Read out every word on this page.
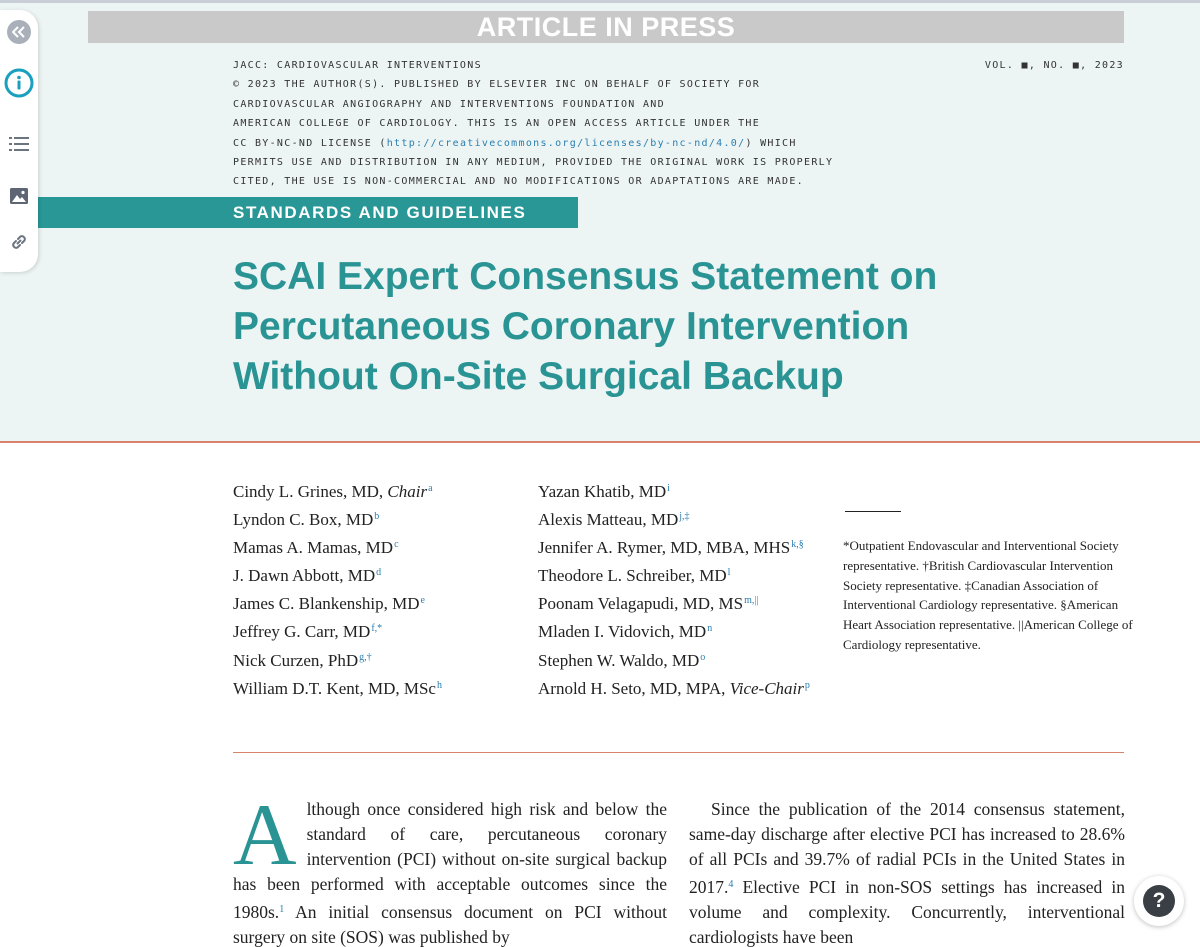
ARTICLE IN PRESS
JACC: CARDIOVASCULAR INTERVENTIONS
© 2023 THE AUTHOR(S). PUBLISHED BY ELSEVIER INC ON BEHALF OF SOCIETY FOR
CARDIOVASCULAR ANGIOGRAPHY AND INTERVENTIONS FOUNDATION AND
AMERICAN COLLEGE OF CARDIOLOGY. THIS IS AN OPEN ACCESS ARTICLE UNDER THE
CC BY-NC-ND LICENSE (http://creativecommons.org/licenses/by-nc-nd/4.0/) WHICH
PERMITS USE AND DISTRIBUTION IN ANY MEDIUM, PROVIDED THE ORIGINAL WORK IS PROPERLY
CITED, THE USE IS NON-COMMERCIAL AND NO MODIFICATIONS OR ADAPTATIONS ARE MADE.
VOL. ■, NO. ■, 2023
STANDARDS AND GUIDELINES
SCAI Expert Consensus Statement on
Percutaneous Coronary Intervention
Without On-Site Surgical Backup
Cindy L. Grines, MD, Chair$^a$
Lyndon C. Box, $MD^b$
Mamas A. Mamas, $MD^c$
J. Dawn Abbott, $MD^d$
James C. Blankenship, MDe
Jeffrey G. Carr, $MD^{f,*}$
Nick Curzen, PhD$^{g,\dagger}$
William D.T. Kent, MD, MSc$^h$
Yazan Khatib, $MD^i$
Alexis Matteau, $MD^{j,\ddagger}$
Jennifer A. Rymer, MD, MBA, $MHS^{k,\S}$
Theodore L. Schreiber, $MD^l$
Poonam Velagapudi, MD, $MS^{m,||}$
Mladen I. Vidovich, $MD^n$
Stephen W. Waldo, $MD^o$
Arnold H. Seto, MD, MPA, Vice-Chair$^p$
*Outpatient Endovascular and Interventional Society representative. †British Cardiovascular Intervention Society representative. ‡Canadian Association of Interventional Cardiology representative. §American Heart Association representative. ||American College of Cardiology representative.
Although once considered high risk and below the standard of care, percutaneous coronary intervention (PCI) without on-site surgical backup has been performed with acceptable outcomes since the 1980s.$^1$ An initial consensus document on PCI without surgery on site (SOS) was published by
Since the publication of the 2014 consensus statement, same-day discharge after elective PCI has increased to 28.6% of all PCIs and 39.7% of radial PCIs in the United States in 2017.$^4$ Elective PCI in non-SOS settings has increased in volume and complexity. Concurrently, interventional cardiologists have been
?
